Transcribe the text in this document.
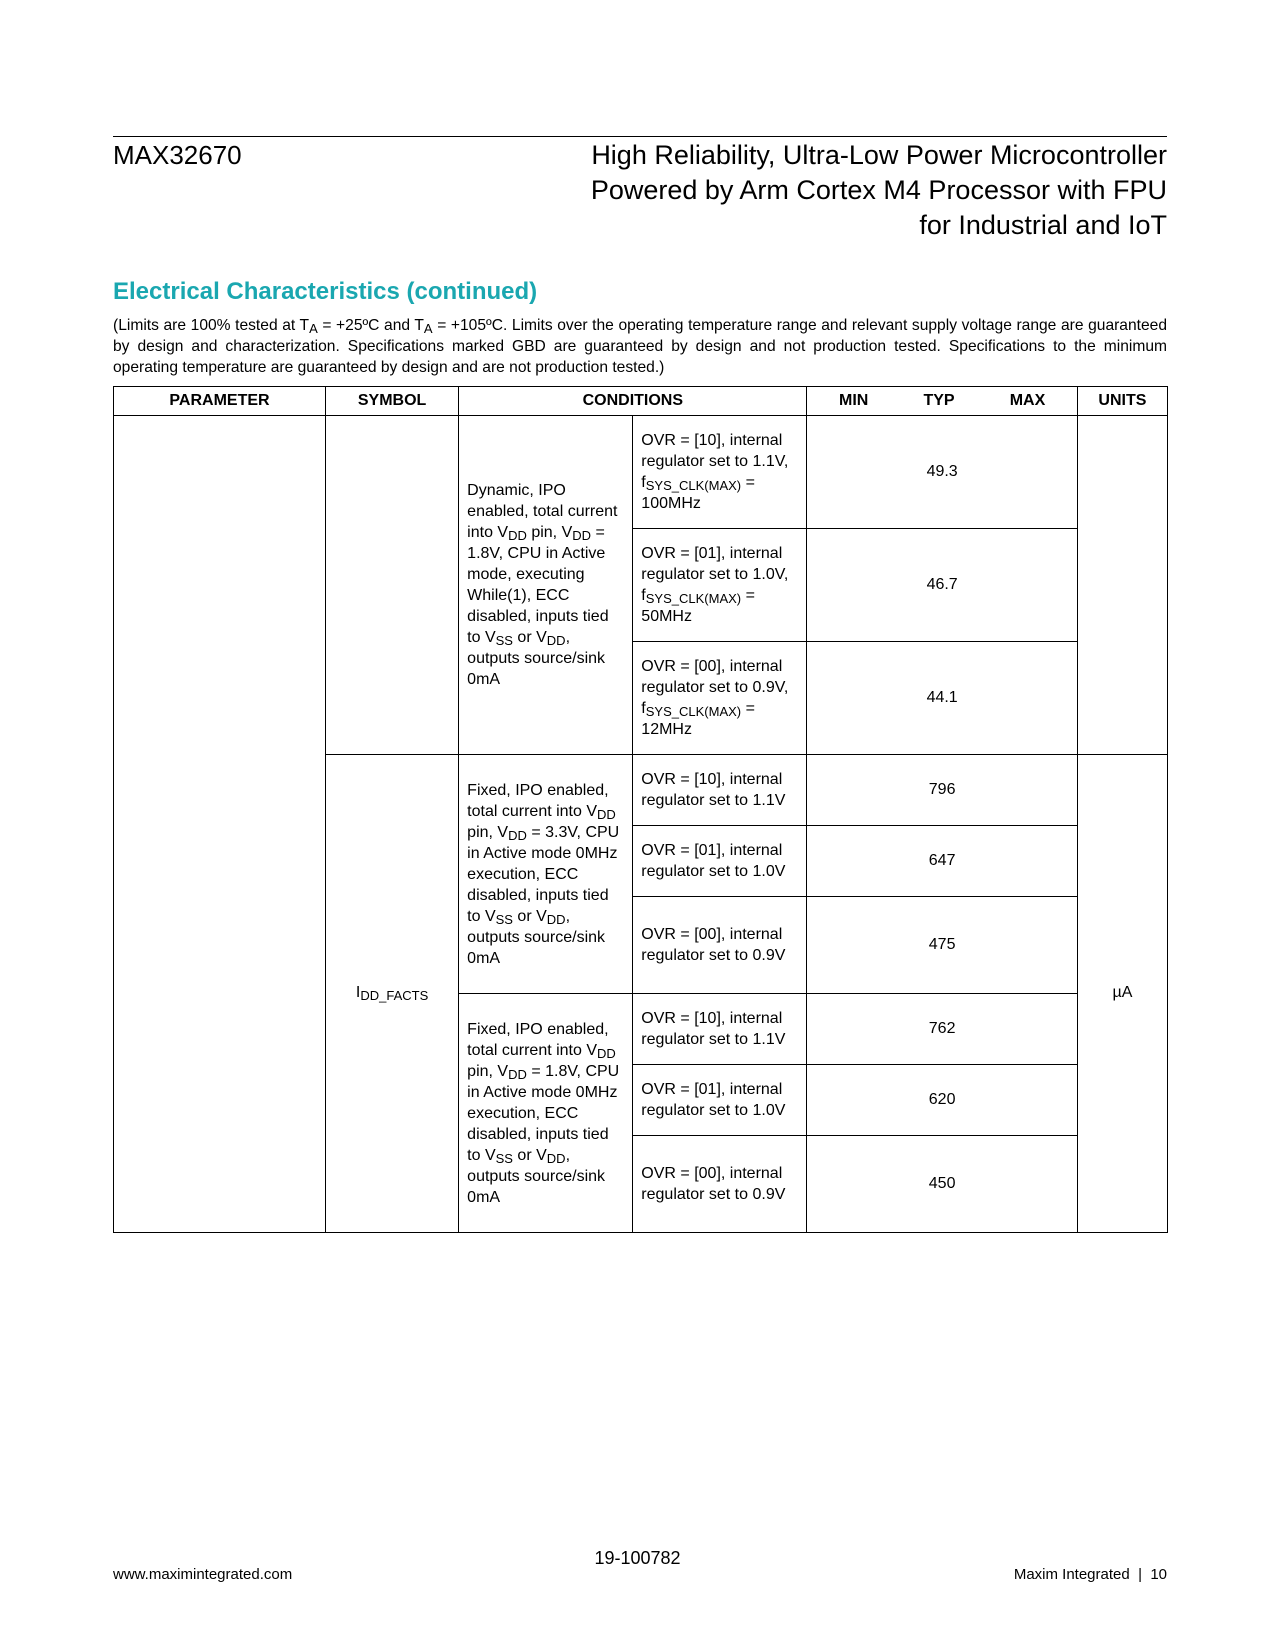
MAX32670	High Reliability, Ultra-Low Power Microcontroller
Powered by Arm Cortex M4 Processor with FPU
for Industrial and IoT
Electrical Characteristics (continued)
(Limits are 100% tested at $T_A$ = +25ºC and $T_A$ = +105ºC. Limits over the operating temperature range and relevant supply voltage range are guaranteed by design and characterization. Specifications marked GBD are guaranteed by design and not production tested. Specifications to the minimum operating temperature are guaranteed by design and are not production tested.)
PARAMETER	SYMBOL	CONDITIONS		MIN TYP MAX	UNITS
		Dynamic, IPO enabled, total current into $V_{DD}$ pin, $V_{DD} = 1.8V$, CPU in Active mode, executing While(1), ECC disabled, inputs tied to $V_{SS}$ or $V_{DD}$, outputs source/sink 0mA	OVR = [10], internal regulator set to 1.1V,
$f_{SYS\_CLK(MAX)}$ =
100MHz	49.3	
			OVR = [01], internal regulator set to 1.0V,
$f_{SYS\_CLK(MAX)}$ =
50MHz	46.7	
			OVR = [00], internal regulator set to 0.9V,
$f_{SYS\_CLK(MAX)}$ =
12MHz	44.1	
	$I_{DD\_FACTS}$	Fixed, IPO enabled, total current into $V_{DD}$ pin, $V_{DD} = 3.3V$, CPU in Active mode 0MHz execution, ECC disabled, inputs tied to $V_{SS}$ or $V_{DD}$, outputs source/sink 0mA	OVR = [10], internal regulator set to 1.1V	796	µA
			OVR = [01], internal regulator set to 1.0V	647	
			OVR = [00], internal regulator set to 0.9V	475	
		Fixed, IPO enabled, total current into $V_{DD}$ pin, $V_{DD} = 1.8V$, CPU in Active mode 0MHz execution, ECC disabled, inputs tied to $V_{SS}$ or $V_{DD}$, outputs source/sink 0mA	OVR = [10], internal regulator set to 1.1V	762	
			OVR = [01], internal regulator set to 1.0V	620	
			OVR = [00], internal regulator set to 0.9V	450	
19-100782
www.maximintegrated.com	Maxim Integrated | 10
